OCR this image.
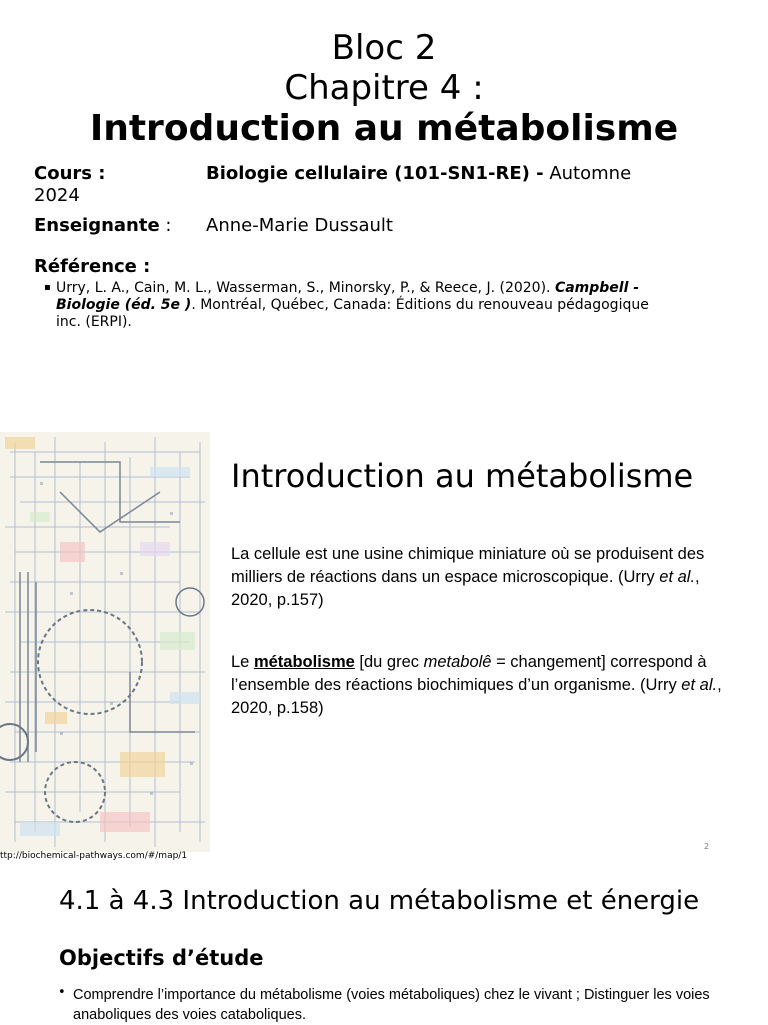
Bloc 2
Chapitre 4 :
Introduction au métabolisme
Cours :	Biologie cellulaire (101-SN1-RE) - Automne
2024
Enseignante : Anne-Marie Dussault
Référence :
▪ Urry, L. A., Cain, M. L., Wasserman, S., Minorsky, P., & Reece, J. (2020). Campbell - Biologie (éd. 5e ). Montréal, Québec, Canada: Éditions du renouveau pédagogique inc. (ERPI).
ttp://biochemical-pathways.com/#/map/1
2
Introduction au métabolisme
La cellule est une usine chimique miniature où se produisent des milliers de réactions dans un espace microscopique. (Urry et al., 2020, p.157)
Le métabolisme [du grec metabolê = changement] correspond à l’ensemble des réactions biochimiques d’un organisme. (Urry et al., 2020, p.158)
4.1 à 4.3 Introduction au métabolisme et énergie
Objectifs d’étude
• Comprendre l’importance du métabolisme (voies métaboliques) chez le vivant ; Distinguer les voies anaboliques des voies cataboliques.
